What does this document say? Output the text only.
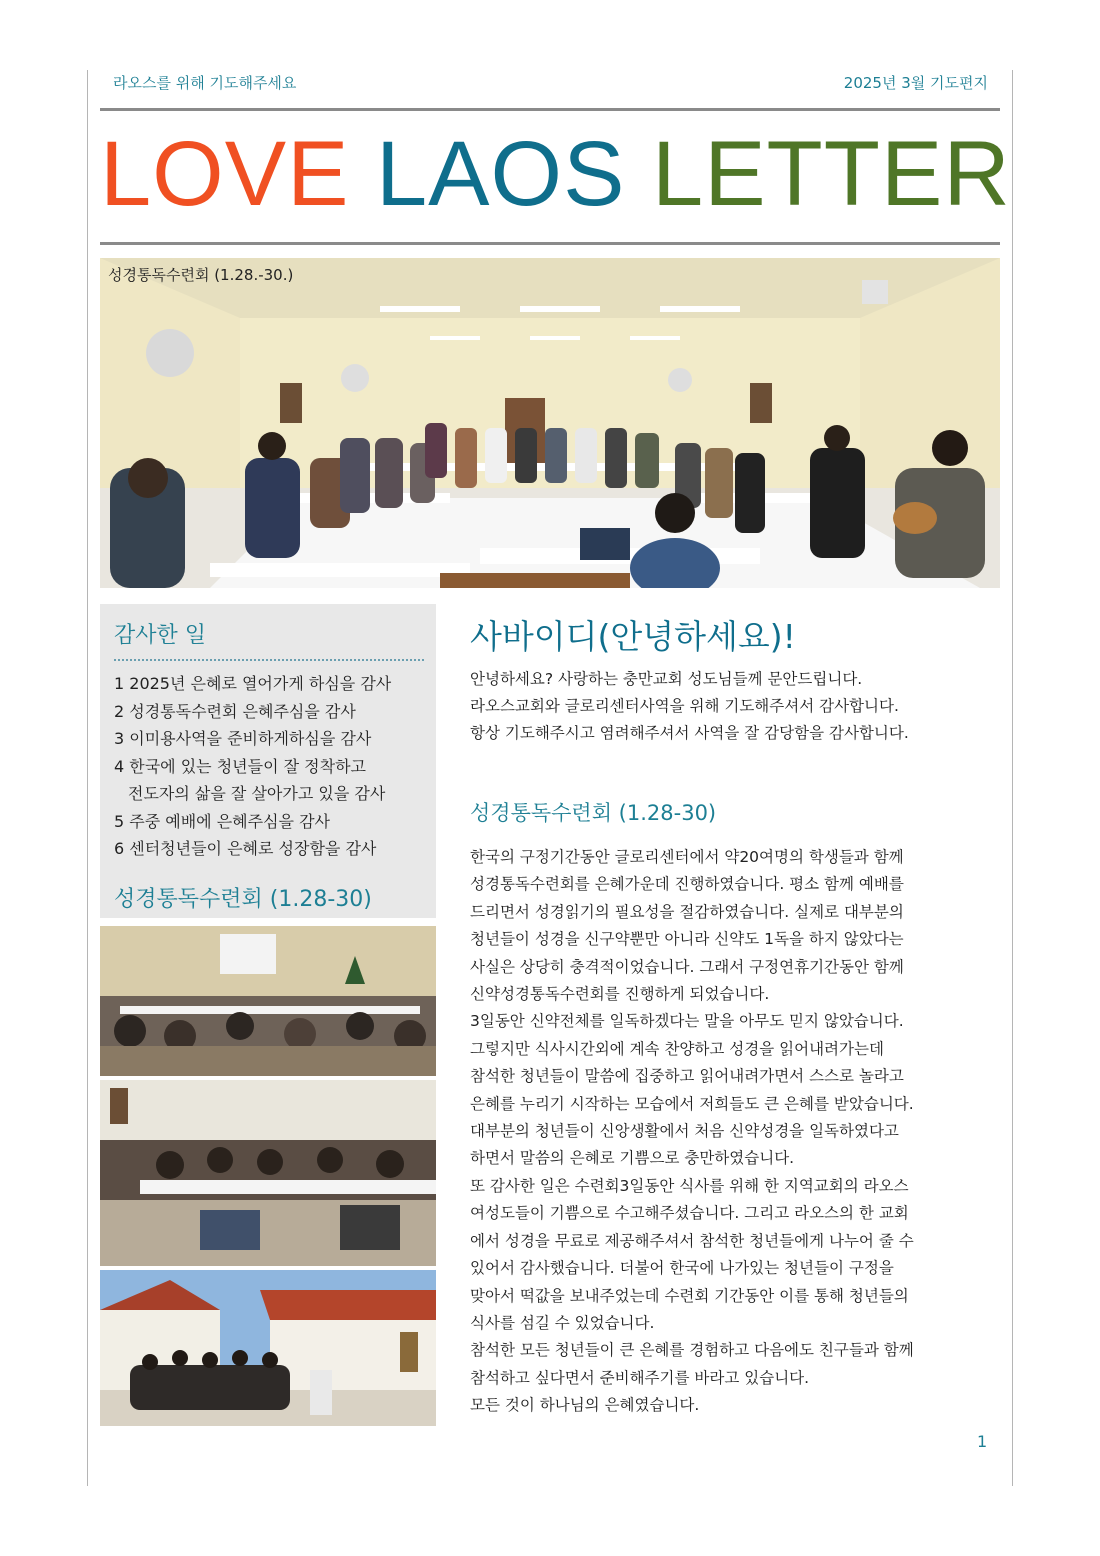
라오스를 위해 기도해주세요	2025년 3월 기도편지
LOVE LAOS LETTER
성경통독수련회 (1.28.-30.)
감사한 일
1 2025년 은혜로 열어가게 하심을 감사
2 성경통독수련회 은혜주심을 감사
3 이미용사역을 준비하게하심을 감사
4 한국에 있는 청년들이 잘 정착하고
전도자의 삶을 잘 살아가고 있을 감사
5 주중 예배에 은혜주심을 감사
6 센터청년들이 은혜로 성장함을 감사
성경통독수련회 (1.28-30)
사바이디(안녕하세요)!
안녕하세요? 사랑하는 충만교회 성도님들께 문안드립니다.
라오스교회와 글로리센터사역을 위해 기도해주셔서 감사합니다.
항상 기도해주시고 염려해주셔서 사역을 잘 감당함을 감사합니다.
성경통독수련회 (1.28-30)
한국의 구정기간동안 글로리센터에서 약20여명의 학생들과 함께
성경통독수련회를 은혜가운데 진행하였습니다. 평소 함께 예배를
드리면서 성경읽기의 필요성을 절감하였습니다. 실제로 대부분의
청년들이 성경을 신구약뿐만 아니라 신약도 1독을 하지 않았다는
사실은 상당히 충격적이었습니다. 그래서 구정연휴기간동안 함께
신약성경통독수련회를 진행하게 되었습니다.
3일동안 신약전체를 일독하겠다는 말을 아무도 믿지 않았습니다.
그렇지만 식사시간외에 계속 찬양하고 성경을 읽어내려가는데
참석한 청년들이 말씀에 집중하고 읽어내려가면서 스스로 놀라고
은혜를 누리기 시작하는 모습에서 저희들도 큰 은혜를 받았습니다.
대부분의 청년들이 신앙생활에서 처음 신약성경을 일독하였다고
하면서 말씀의 은혜로 기쁨으로 충만하였습니다.
또 감사한 일은 수련회3일동안 식사를 위해 한 지역교회의 라오스
여성도들이 기쁨으로 수고해주셨습니다. 그리고 라오스의 한 교회
에서 성경을 무료로 제공해주셔서 참석한 청년들에게 나누어 줄 수
있어서 감사했습니다. 더불어 한국에 나가있는 청년들이 구정을
맞아서 떡값을 보내주었는데 수련회 기간동안 이를 통해 청년들의
식사를 섬길 수 있었습니다.
참석한 모든 청년들이 큰 은혜를 경험하고 다음에도 친구들과 함께
참석하고 싶다면서 준비해주기를 바라고 있습니다.
모든 것이 하나님의 은혜였습니다.
1
